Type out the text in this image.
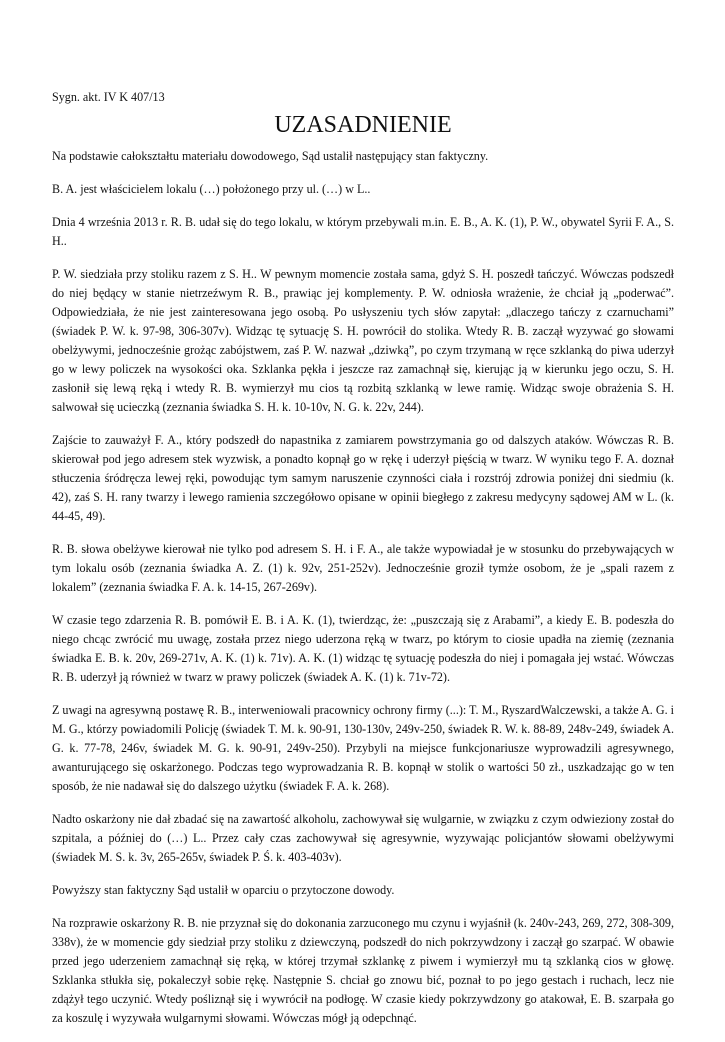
Sygn. akt. IV K 407/13
UZASADNIENIE

Na podstawie całokształtu materiału dowodowego, Sąd ustalił następujący stan faktyczny.

B. A. jest właścicielem lokalu (…) położonego przy ul. (…) w L..

Dnia 4 września 2013 r. R. B. udał się do tego lokalu, w którym przebywali m.in. E. B., A. K. (1), P. W., obywatel Syrii F. A., S. H..

P. W. siedziała przy stoliku razem z S. H.. W pewnym momencie została sama, gdyż S. H. poszedł tańczyć. Wówczas podszedł do niej będący w stanie nietrzeźwym R. B., prawiąc jej komplementy. P. W. odniosła wrażenie, że chciał ją „poderwać”. Odpowiedziała, że nie jest zainteresowana jego osobą. Po usłyszeniu tych słów zapytał: „dlaczego tańczy z czarnuchami” (świadek P. W. k. 97-98, 306-307v). Widząc tę sytuację S. H. powrócił do stolika. Wtedy R. B. zaczął wyzywać go słowami obelżywymi, jednocześnie grożąc zabójstwem, zaś P. W. nazwał „dziwką”, po czym trzymaną w ręce szklanką do piwa uderzył go w lewy policzek na wysokości oka. Szklanka pękła i jeszcze raz zamachnął się, kierując ją w kierunku jego oczu, S. H. zasłonił się lewą ręką i wtedy R. B. wymierzył mu cios tą rozbitą szklanką w lewe ramię. Widząc swoje obrażenia S. H. salwował się ucieczką (zeznania świadka S. H. k. 10-10v, N. G. k. 22v, 244).

Zajście to zauważył F. A., który podszedł do napastnika z zamiarem powstrzymania go od dalszych ataków. Wówczas R. B. skierował pod jego adresem stek wyzwisk, a ponadto kopnął go w rękę i uderzył pięścią w twarz. W wyniku tego F. A. doznał stłuczenia śródręcza lewej ręki, powodując tym samym naruszenie czynności ciała i rozstrój zdrowia poniżej dni siedmiu (k. 42), zaś S. H. rany twarzy i lewego ramienia szczegółowo opisane w opinii biegłego z zakresu medycyny sądowej AM w L. (k. 44-45, 49).

R. B. słowa obelżywe kierował nie tylko pod adresem S. H. i F. A., ale także wypowiadał je w stosunku do przebywających w tym lokalu osób (zeznania świadka A. Z. (1) k. 92v, 251-252v). Jednocześnie groził tymże osobom, że je „spali razem z lokalem” (zeznania świadka F. A. k. 14-15, 267-269v).

W czasie tego zdarzenia R. B. pomówił E. B. i A. K. (1), twierdząc, że: „puszczają się z Arabami”, a kiedy E. B. podeszła do niego chcąc zwrócić mu uwagę, została przez niego uderzona ręką w twarz, po którym to ciosie upadła na ziemię (zeznania świadka E. B. k. 20v, 269-271v, A. K. (1) k. 71v). A. K. (1) widząc tę sytuację podeszła do niej i pomagała jej wstać. Wówczas R. B. uderzył ją również w twarz w prawy policzek (świadek A. K. (1) k. 71v-72).

Z uwagi na agresywną postawę R. B., interweniowali pracownicy ochrony firmy (...): T. M., RyszardWalczewski, a także A. G. i M. G., którzy powiadomili Policję (świadek T. M. k. 90-91, 130-130v, 249v-250, świadek R. W. k. 88-89, 248v-249, świadek A. G. k. 77-78, 246v, świadek M. G. k. 90-91, 249v-250). Przybyli na miejsce funkcjonariusze wyprowadzili agresywnego, awanturującego się oskarżonego. Podczas tego wyprowadzania R. B. kopnął w stolik o wartości 50 zł., uszkadzając go w ten sposób, że nie nadawał się do dalszego użytku (świadek F. A. k. 268).

Nadto oskarżony nie dał zbadać się na zawartość alkoholu, zachowywał się wulgarnie, w związku z czym odwieziony został do szpitala, a później do (…) L.. Przez cały czas zachowywał się agresywnie, wyzywając policjantów słowami obelżywymi (świadek M. S. k. 3v, 265-265v, świadek P. Ś. k. 403-403v).

Powyższy stan faktyczny Sąd ustalił w oparciu o przytoczone dowody.

Na rozprawie oskarżony R. B. nie przyznał się do dokonania zarzuconego mu czynu i wyjaśnił (k. 240v-243, 269, 272, 308-309, 338v), że w momencie gdy siedział przy stoliku z dziewczyną, podszedł do nich pokrzywdzony i zaczął go szarpać. W obawie przed jego uderzeniem zamachnął się ręką, w której trzymał szklankę z piwem i wymierzył mu tą szklanką cios w głowę. Szklanka stłukła się, pokaleczył sobie rękę. Następnie S. chciał go znowu bić, poznał to po jego gestach i ruchach, lecz nie zdążył tego uczynić. Wtedy pośliznął się i wywrócił na podłogę. W czasie kiedy pokrzywdzony go atakował, E. B. szarpała go za koszulę i wyzywała wulgarnymi słowami. Wówczas mógł ją odepchnąć.
